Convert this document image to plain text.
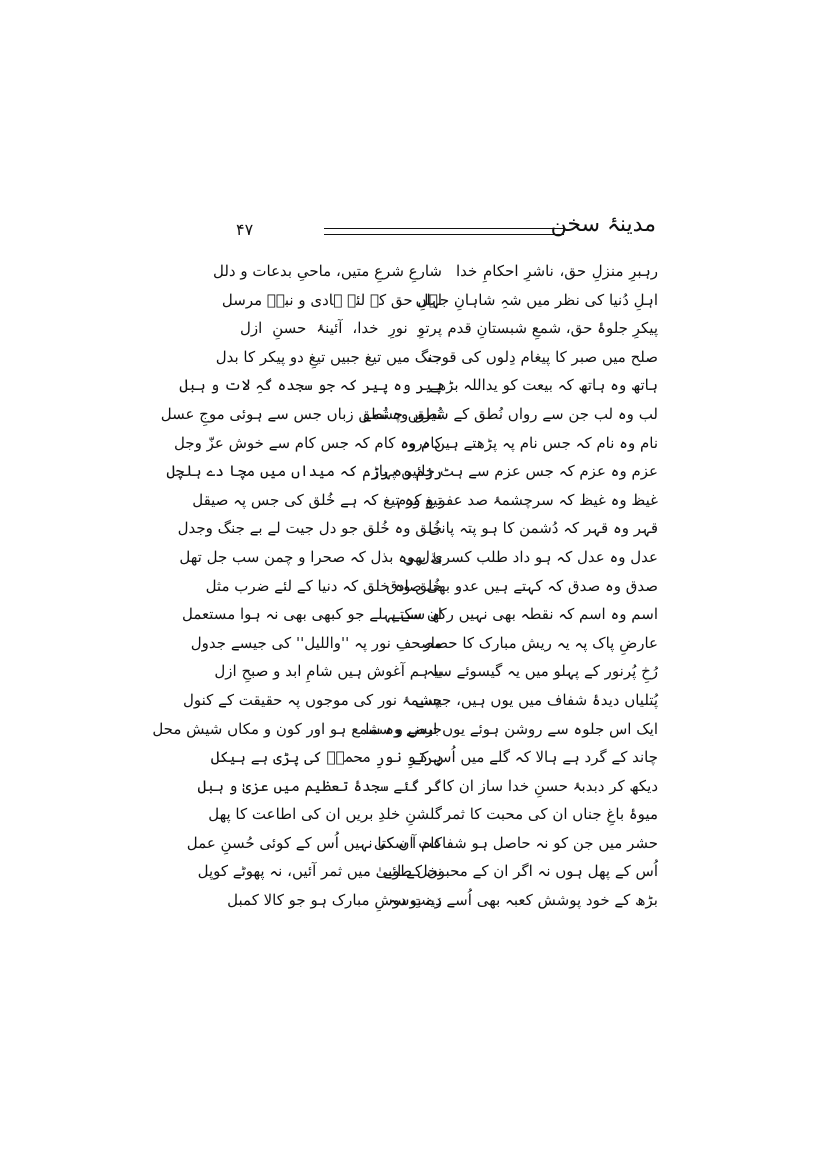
مدینۂ سخن
۴۷
رہبرِ منزلِ حق، ناشرِ احکامِ خدا
اہلِ دُنیا کی نظر میں شہِ شاہانِ جہاں
پیکرِ جلوۂ حق، شمعِ شبستانِ قدم
صلح میں صبر کا پیغام دِلوں کی قوت
ہاتھ وہ ہاتھ کہ بیعت کو یداللہ بڑھے
لب وہ لب جن سے رواں نُطق کے شیریں چشمے
نام وہ نام کہ جس نام پہ پڑھتے ہیں درود
عزم وہ عزم کہ جس عزم سے ہٹ جائیں پہاڑ
غیظ وہ غیظ کہ سرچشمۂ صد عفو و کرم
قہر وہ قہر کہ دُشمن کا ہو پتہ پانی
عدل وہ عدل کہ ہو داد طلب کسریٰ بھی
صدق وہ صدق کہ کہتے ہیں عدو بھی صادق
اسم وہ اسم کہ نقطہ بھی نہیں رکھ سکتے
عارضِ پاک پہ یہ ریش مبارک کا حصار
رُخِ پُرنور کے پہلو میں یہ گیسوئے سیہ
پُتلیاں دیدۂ شفاف میں یوں ہیں، جیسے
ایک اس جلوہ سے روشن ہوئے یوں ارض و سما
چاند کے گرد ہے ہالا کہ گلے میں اُس کے
دیکھ کر دبدبۂ حسنِ خدا ساز ان کا
میوۂ باغِ جناں ان کی محبت کا ثمر
حشر میں جن کو نہ حاصل ہو شفاعت ان کی
اُس کے پھل ہوں نہ اگر ان کے محبوں کے لئے
بڑھ کے خود پوشش کعبہ بھی اُسے دے بوسہ
شارعِ شرعِ متیں، ماحیِ بدعات و دلل
اہلِ حق کے لئے ہادی و نبیؐ مرسل
پرتوِ نورِ خدا، آئینۂ حسنِ ازل
جنگ میں تیغ جبیں تیغِ دو پیکر کا بدل
پیر وہ پیر کہ جو سجدہ گہِ لات و ہبل
نُطق وہ نُطق زباں جس سے ہوئی موجِ عسل
کام وہ کام کہ جس کام سے خوش عزّ وجل
رزم وہ رزم کہ میداں میں مچا دے ہلچل
تیغ وہ تیغ کہ ہے خُلق کی جس پہ صیقل
خُلق وہ خُلق جو دل جیت لے بے جنگ وجدل
بذل وہ بذل کہ صحرا و چمن سب جل تھل
خُلق وہ خلق کہ دنیا کے لئے ضرب مثل
ان سے پہلے جو کبھی بھی نہ ہوا مستعمل
مصحفِ نور پہ ''واللیل'' کی جیسے جدول
یا ہم آغوش ہیں شامِ ابد و صبحِ ازل
چشمۂ نور کی موجوں پہ حقیقت کے کنول
جیسے وہ شمع ہو اور کون و مکاں شیش محل
پرتوِ نورِ محمدؐ کی پڑی ہے ہیکل
گر گئے سجدۂ تعظیم میں عزیٰ و ہبل
گلشنِ خلدِ بریں ان کی اطاعت کا پھل
کام آ سکتا نہیں اُس کے کوئی حُسنِ عمل
نخل طوبیٰ میں ثمر آئیں، نہ پھوٹے کوپل
زینتِ دوشِ مبارک ہو جو کالا کمبل
